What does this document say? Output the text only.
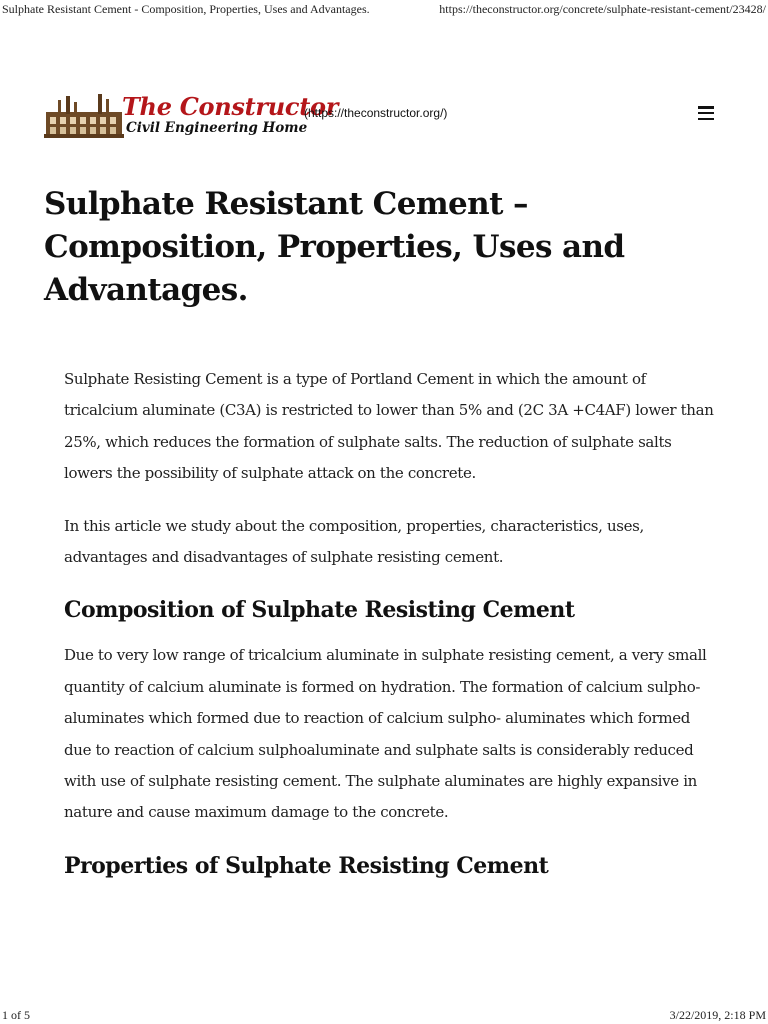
Sulphate Resistant Cement - Composition, Properties, Uses and Advantages.	https://theconstructor.org/concrete/sulphate-resistant-cement/23428/
The Constructor
Civil Engineering Home
(https://theconstructor.org/)
Sulphate Resistant Cement – Composition, Properties, Uses and Advantages.

Sulphate Resisting Cement is a type of Portland Cement in which the amount of tricalcium aluminate (C3A) is restricted to lower than 5% and (2C 3A +C4AF) lower than 25%, which reduces the formation of sulphate salts. The reduction of sulphate salts lowers the possibility of sulphate attack on the concrete.

In this article we study about the composition, properties, characteristics, uses, advantages and disadvantages of sulphate resisting cement.

Composition of Sulphate Resisting Cement

Due to very low range of tricalcium aluminate in sulphate resisting cement, a very small quantity of calcium aluminate is formed on hydration. The formation of calcium sulpho- aluminates which formed due to reaction of calcium sulpho- aluminates which formed due to reaction of calcium sulphoaluminate and sulphate salts is considerably reduced with use of sulphate resisting cement. The sulphate aluminates are highly expansive in nature and cause maximum damage to the concrete.

Properties of Sulphate Resisting Cement
1 of 5	3/22/2019, 2:18 PM
